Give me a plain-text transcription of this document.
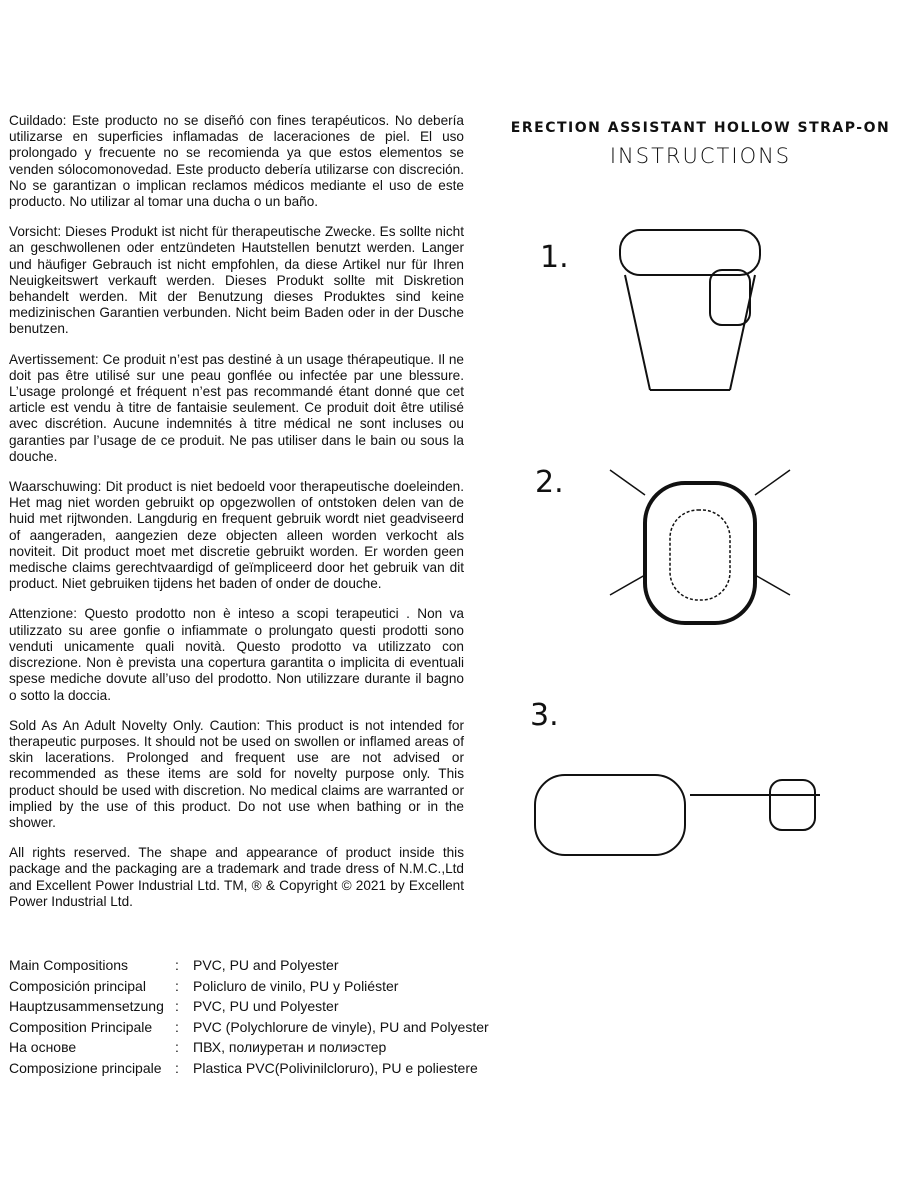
Cuildado: Este producto no se diseñó con fines terapéuticos. No debería utilizarse en superficies inflamadas de laceraciones de piel. El uso prolongado y frecuente no se recomienda ya que estos elementos se venden sólocomonovedad. Este producto debería utilizarse con discreción. No se garantizan o implican reclamos médicos mediante el uso de este producto. No utilizar al tomar una ducha o un baño.

Vorsicht: Dieses Produkt ist nicht für therapeutische Zwecke. Es sollte nicht an geschwollenen oder entzündeten Hautstellen benutzt werden. Langer und häufiger Gebrauch ist nicht empfohlen, da diese Artikel nur für Ihren Neuigkeitswert verkauft werden. Dieses Produkt sollte mit Diskretion behandelt werden. Mit der Benutzung dieses Produktes sind keine medizinischen Garantien verbunden. Nicht beim Baden oder in der Dusche benutzen.

Avertissement: Ce produit n’est pas destiné à un usage thérapeutique. Il ne doit pas être utilisé sur une peau gonflée ou infectée par une blessure. L’usage prolongé et fréquent n’est pas recommandé étant donné que cet article est vendu à titre de fantaisie seulement. Ce produit doit être utilisé avec discrétion. Aucune indemnités à titre médical ne sont incluses ou garanties par l’usage de ce produit. Ne pas utiliser dans le bain ou sous la douche.

Waarschuwing: Dit product is niet bedoeld voor therapeutische doeleinden. Het mag niet worden gebruikt op opgezwollen of ontstoken delen van de huid met rijtwonden. Langdurig en frequent gebruik wordt niet geadviseerd of aangeraden, aangezien deze objecten alleen worden verkocht als noviteit. Dit product moet met discretie gebruikt worden. Er worden geen medische claims gerechtvaardigd of geïmpliceerd door het gebruik van dit product. Niet gebruiken tijdens het baden of onder de douche.

Attenzione: Questo prodotto non è inteso a scopi terapeutici . Non va utilizzato su aree gonfie o infiammate o prolungato questi prodotti sono venduti unicamente quali novità. Questo prodotto va utilizzato con discrezione. Non è prevista una copertura garantita o implicita di eventuali spese mediche dovute all’uso del prodotto. Non utilizzare durante il bagno o sotto la doccia.

Sold As An Adult Novelty Only. Caution: This product is not intended for therapeutic purposes. It should not be used on swollen or inflamed areas of skin lacerations. Prolonged and frequent use are not advised or recommended as these items are sold for novelty purpose only. This product should be used with discretion. No medical claims are warranted or implied by the use of this product. Do not use when bathing or in the shower.

All rights reserved. The shape and appearance of product inside this package and the packaging are a trademark and trade dress of N.M.C.,Ltd and Excellent Power Industrial Ltd. TM, ® & Copyright © 2021 by Excellent Power Industrial Ltd.

Main Compositions	:	PVC, PU and Polyester
Composición principal	:	Policluro de vinilo, PU y Poliéster
Hauptzusammensetzung :	PVC, PU und Polyester
Composition Principale	:	PVC (Polychlorure de vinyle), PU and Polyester
На основе	:	ПВХ, полиуретан и полиэстер
Composizione principale :	Plastica PVC(Polivinilcloruro), PU e poliestere
ERECTION ASSISTANT HOLLOW STRAP-ON
INSTRUCTIONS
1.
2.
3.
